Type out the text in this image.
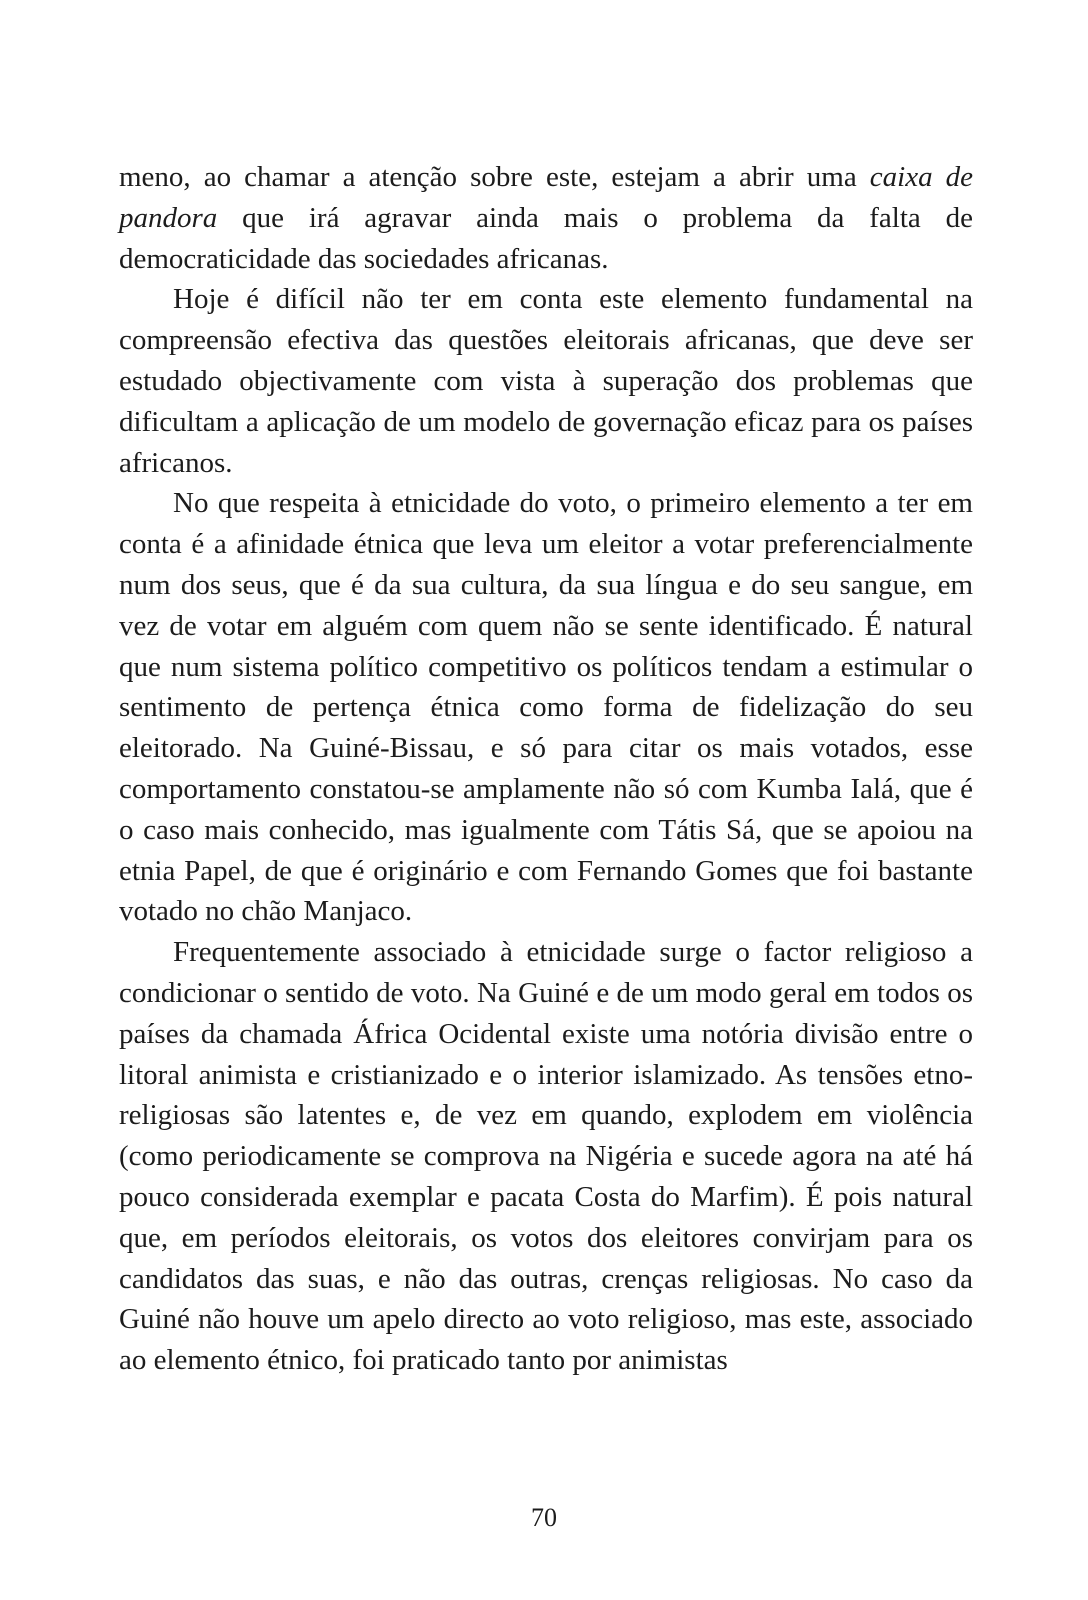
meno, ao chamar a atenção sobre este, estejam a abrir uma caixa de pandora que irá agravar ainda mais o problema da falta de democraticidade das sociedades africanas.

Hoje é difícil não ter em conta este elemento fundamental na compreensão efectiva das questões eleitorais africanas, que deve ser estudado objectivamente com vista à superação dos problemas que dificultam a aplicação de um modelo de governação eficaz para os países africanos.

No que respeita à etnicidade do voto, o primeiro elemento a ter em conta é a afinidade étnica que leva um eleitor a votar preferencialmente num dos seus, que é da sua cultura, da sua língua e do seu sangue, em vez de votar em alguém com quem não se sente identificado. É natural que num sistema político competitivo os políticos tendam a estimular o sentimento de pertença étnica como forma de fidelização do seu eleitorado. Na Guiné-Bissau, e só para citar os mais votados, esse comportamento constatou-se amplamente não só com Kumba Ialá, que é o caso mais conhecido, mas igualmente com Tátis Sá, que se apoiou na etnia Papel, de que é originário e com Fernando Gomes que foi bastante votado no chão Manjaco.

Frequentemente associado à etnicidade surge o factor religioso a condicionar o sentido de voto. Na Guiné e de um modo geral em todos os países da chamada África Ocidental existe uma notória divisão entre o litoral animista e cristianizado e o interior islamizado. As tensões etno-religiosas são latentes e, de vez em quando, explodem em violência (como periodicamente se comprova na Nigéria e sucede agora na até há pouco considerada exemplar e pacata Costa do Marfim). É pois natural que, em períodos eleitorais, os votos dos eleitores convirjam para os candidatos das suas, e não das outras, crenças religiosas. No caso da Guiné não houve um apelo directo ao voto religioso, mas este, associado ao elemento étnico, foi praticado tanto por animistas

70
